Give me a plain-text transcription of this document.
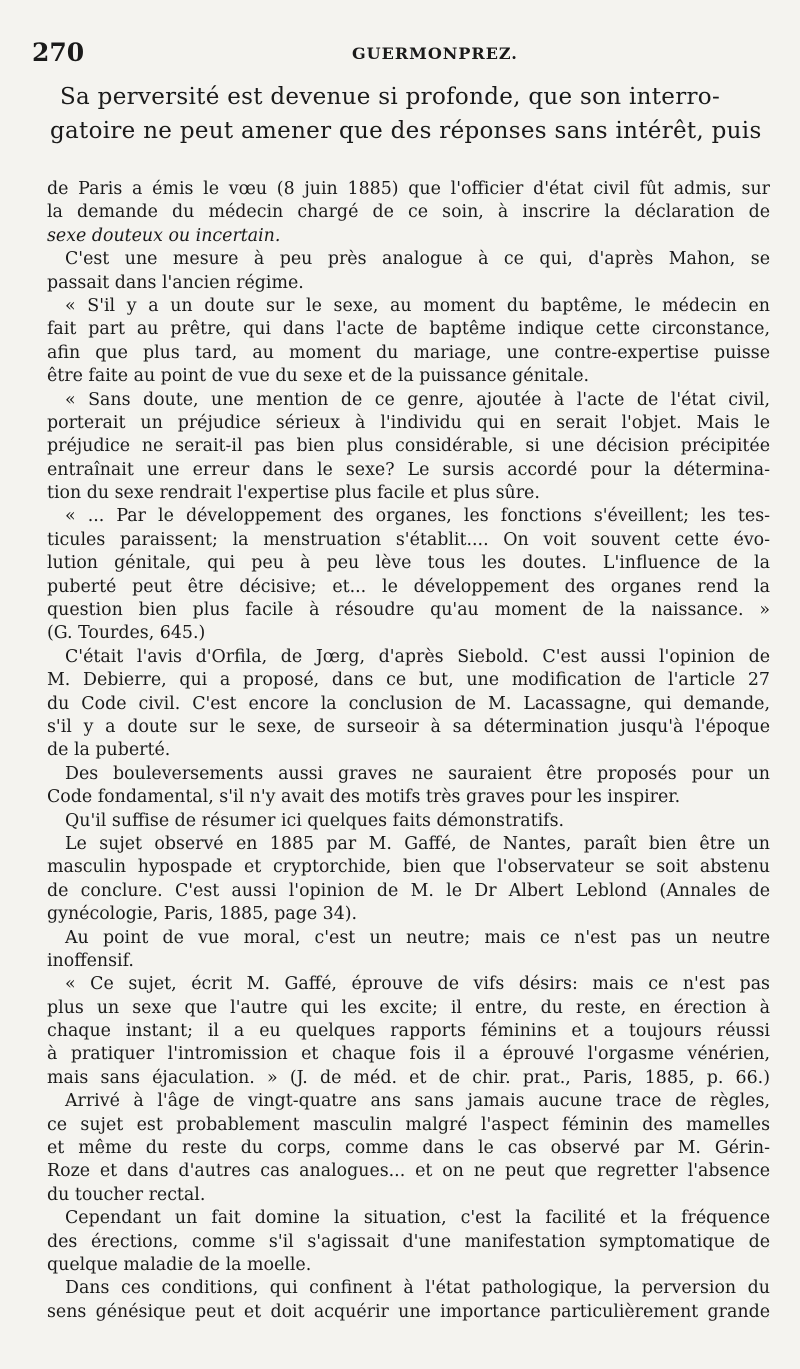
270	GUERMONPREZ.
Sa perversité est devenue si profonde, que son interro-
gatoire ne peut amener que des réponses sans intérêt, puis
de Paris a émis le vœu (8 juin 1885) que l'officier d'état civil fût admis, sur
la demande du médecin chargé de ce soin, à inscrire la déclaration de
sexe douteux ou incertain.
C'est une mesure à peu près analogue à ce qui, d'après Mahon, se
passait dans l'ancien régime.
« S'il y a un doute sur le sexe, au moment du baptême, le médecin en
fait part au prêtre, qui dans l'acte de baptême indique cette circonstance,
afin que plus tard, au moment du mariage, une contre-expertise puisse
être faite au point de vue du sexe et de la puissance génitale.
« Sans doute, une mention de ce genre, ajoutée à l'acte de l'état civil,
porterait un préjudice sérieux à l'individu qui en serait l'objet. Mais le
préjudice ne serait-il pas bien plus considérable, si une décision précipitée
entraînait une erreur dans le sexe? Le sursis accordé pour la détermina-
tion du sexe rendrait l'expertise plus facile et plus sûre.
« ... Par le développement des organes, les fonctions s'éveillent; les tes-
ticules paraissent; la menstruation s'établit.... On voit souvent cette évo-
lution génitale, qui peu à peu lève tous les doutes. L'influence de la
puberté peut être décisive; et... le développement des organes rend la
question bien plus facile à résoudre qu'au moment de la naissance. »
(G. Tourdes, 645.)
C'était l'avis d'Orfila, de Jœrg, d'après Siebold. C'est aussi l'opinion de
M. Debierre, qui a proposé, dans ce but, une modification de l'article 27
du Code civil. C'est encore la conclusion de M. Lacassagne, qui demande,
s'il y a doute sur le sexe, de surseoir à sa détermination jusqu'à l'époque
de la puberté.
Des bouleversements aussi graves ne sauraient être proposés pour un
Code fondamental, s'il n'y avait des motifs très graves pour les inspirer.
Qu'il suffise de résumer ici quelques faits démonstratifs.
Le sujet observé en 1885 par M. Gaffé, de Nantes, paraît bien être un
masculin hypospade et cryptorchide, bien que l'observateur se soit abstenu
de conclure. C'est aussi l'opinion de M. le Dr Albert Leblond (Annales de
gynécologie, Paris, 1885, page 34).
Au point de vue moral, c'est un neutre; mais ce n'est pas un neutre
inoffensif.
« Ce sujet, écrit M. Gaffé, éprouve de vifs désirs: mais ce n'est pas
plus un sexe que l'autre qui les excite; il entre, du reste, en érection à
chaque instant; il a eu quelques rapports féminins et a toujours réussi
à pratiquer l'intromission et chaque fois il a éprouvé l'orgasme vénérien,
mais sans éjaculation. » (J. de méd. et de chir. prat., Paris, 1885, p. 66.)
Arrivé à l'âge de vingt-quatre ans sans jamais aucune trace de règles,
ce sujet est probablement masculin malgré l'aspect féminin des mamelles
et même du reste du corps, comme dans le cas observé par M. Gérin-
Roze et dans d'autres cas analogues... et on ne peut que regretter l'absence
du toucher rectal.
Cependant un fait domine la situation, c'est la facilité et la fréquence
des érections, comme s'il s'agissait d'une manifestation symptomatique de
quelque maladie de la moelle.
Dans ces conditions, qui confinent à l'état pathologique, la perversion du
sens génésique peut et doit acquérir une importance particulièrement grande
